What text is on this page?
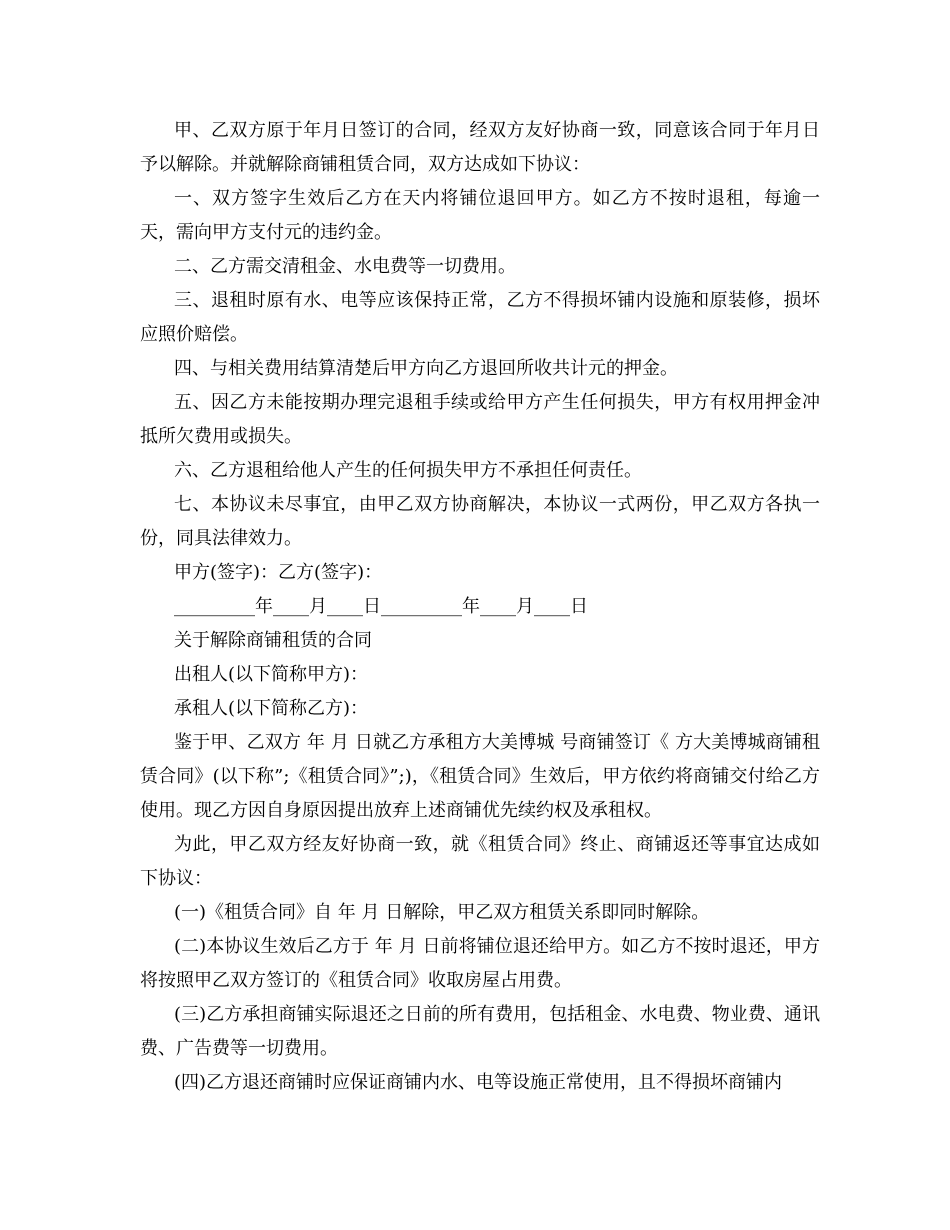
甲、乙双方原于年月日签订的合同，经双方友好协商一致，同意该合同于年月日予以解除。并就解除商铺租赁合同，双方达成如下协议：

一、双方签字生效后乙方在天内将铺位退回甲方。如乙方不按时退租，每逾一天，需向甲方支付元的违约金。

二、乙方需交清租金、水电费等一切费用。

三、退租时原有水、电等应该保持正常，乙方不得损坏铺内设施和原装修，损坏应照价赔偿。

四、与相关费用结算清楚后甲方向乙方退回所收共计元的押金。

五、因乙方未能按期办理完退租手续或给甲方产生任何损失，甲方有权用押金冲抵所欠费用或损失。

六、乙方退租给他人产生的任何损失甲方不承担任何责任。

七、本协议未尽事宜，由甲乙双方协商解决，本协议一式两份，甲乙双方各执一份，同具法律效力。

甲方(签字)：乙方(签字)：

_________年____月____日_________年____月____日

关于解除商铺租赁的合同

出租人(以下简称甲方)：

承租人(以下简称乙方)：

鉴于甲、乙双方 年 月 日就乙方承租方大美博城 号商铺签订《 方大美博城商铺租赁合同》(以下称”;《租赁合同》”;)，《租赁合同》生效后，甲方依约将商铺交付给乙方使用。现乙方因自身原因提出放弃上述商铺优先续约权及承租权。

为此，甲乙双方经友好协商一致，就《租赁合同》终止、商铺返还等事宜达成如下协议：

(一)《租赁合同》自 年 月 日解除，甲乙双方租赁关系即同时解除。

(二)本协议生效后乙方于 年 月 日前将铺位退还给甲方。如乙方不按时退还，甲方将按照甲乙双方签订的《租赁合同》收取房屋占用费。

(三)乙方承担商铺实际退还之日前的所有费用，包括租金、水电费、物业费、通讯费、广告费等一切费用。

(四)乙方退还商铺时应保证商铺内水、电等设施正常使用，且不得损坏商铺内
